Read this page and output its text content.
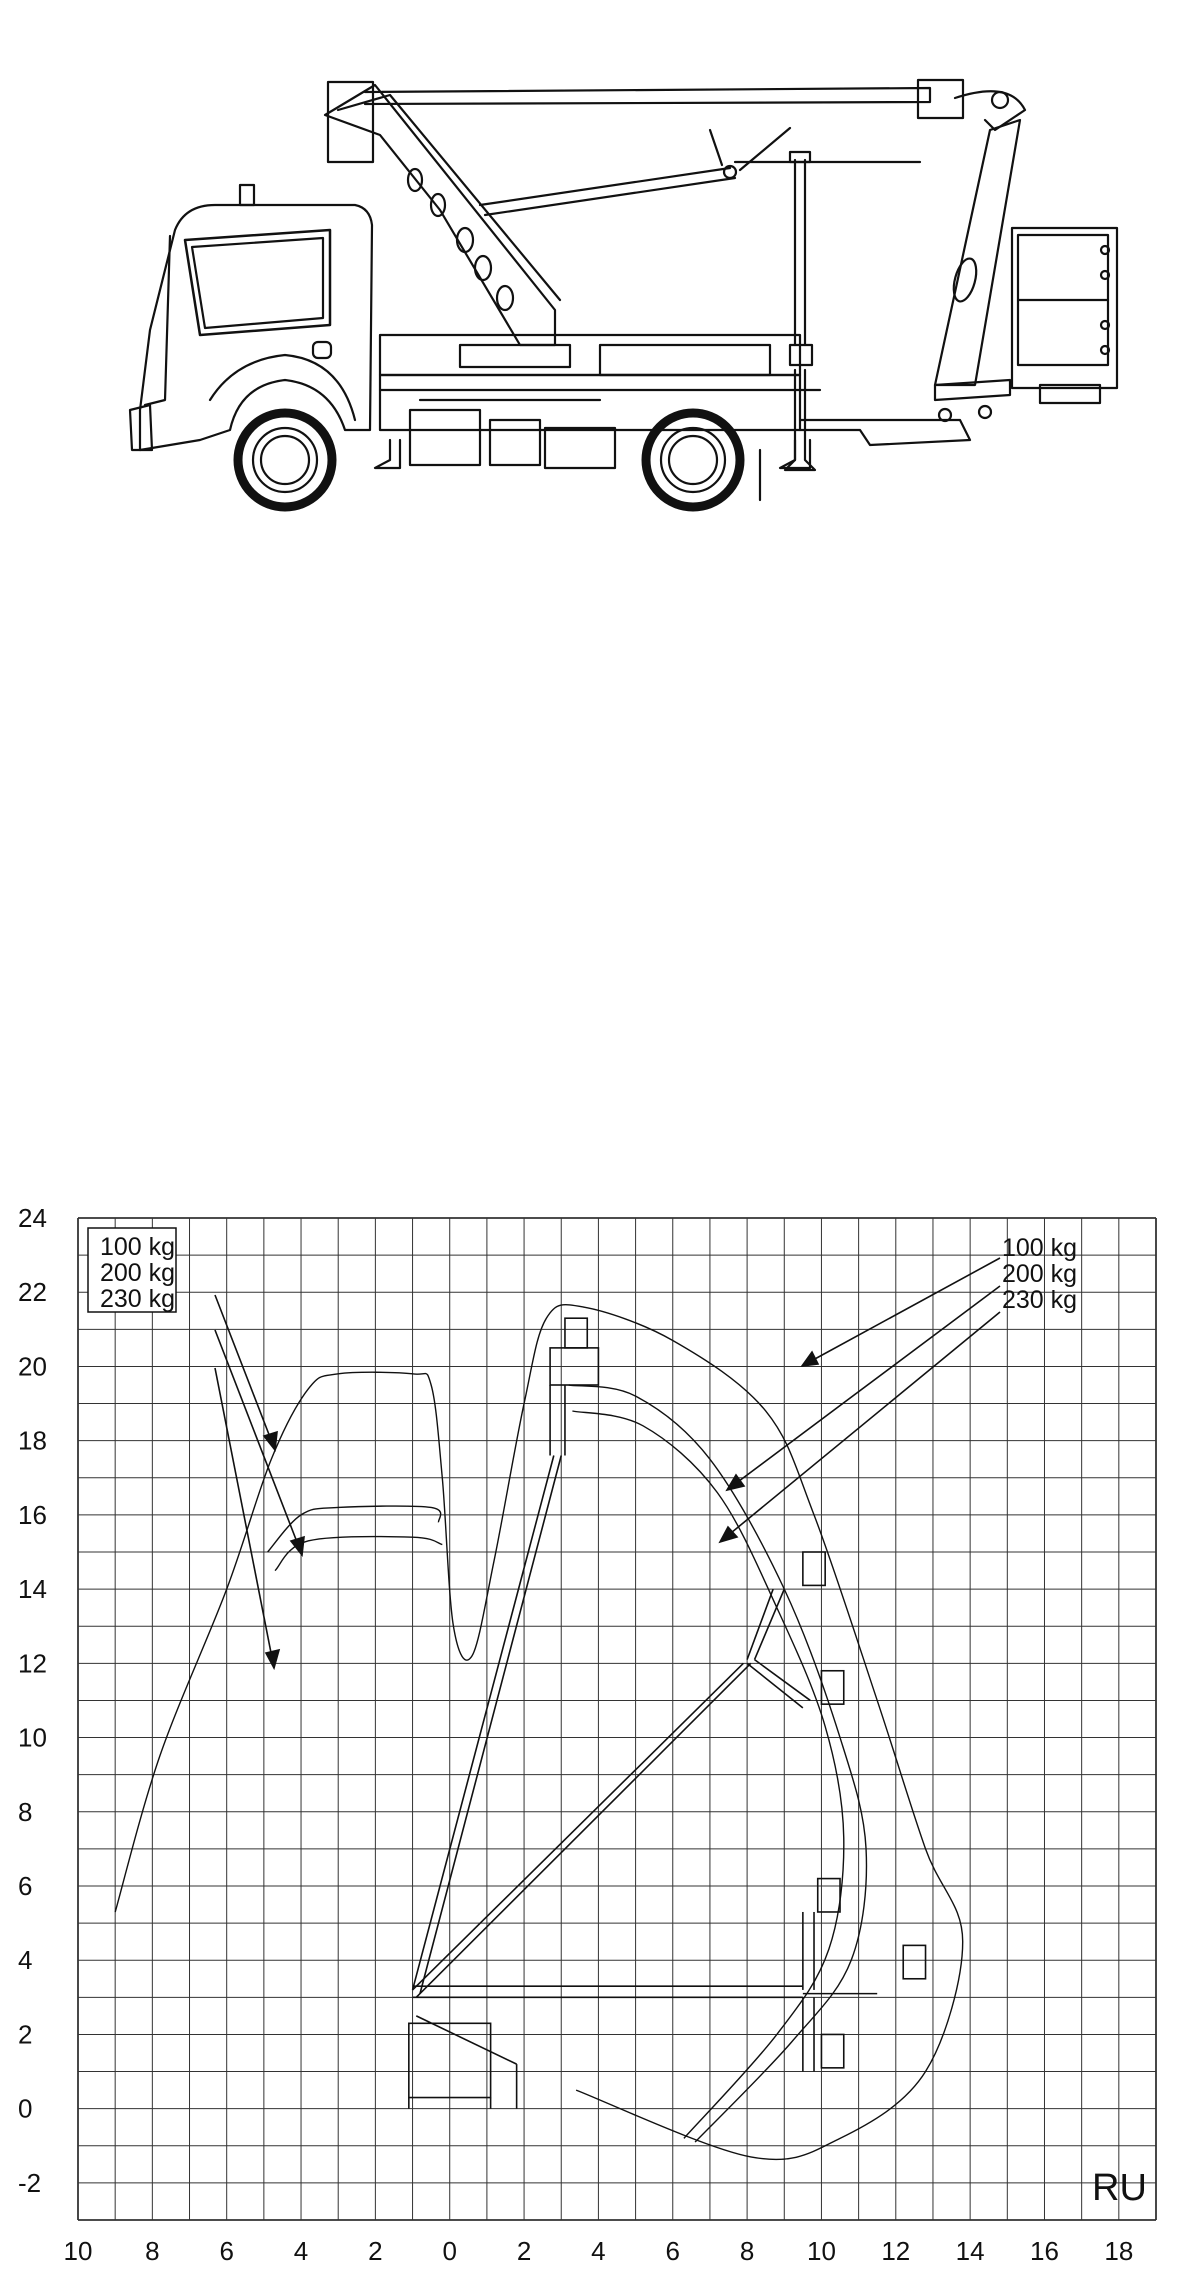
10 8 6 4 2 0 2 4 6 8 10 12 14 16 18
24
22
20
18
16
14
12
10
8
6
4
2
0
-2
100 kg
200 kg
230 kg
100 kg
200 kg
230 kg
RU
